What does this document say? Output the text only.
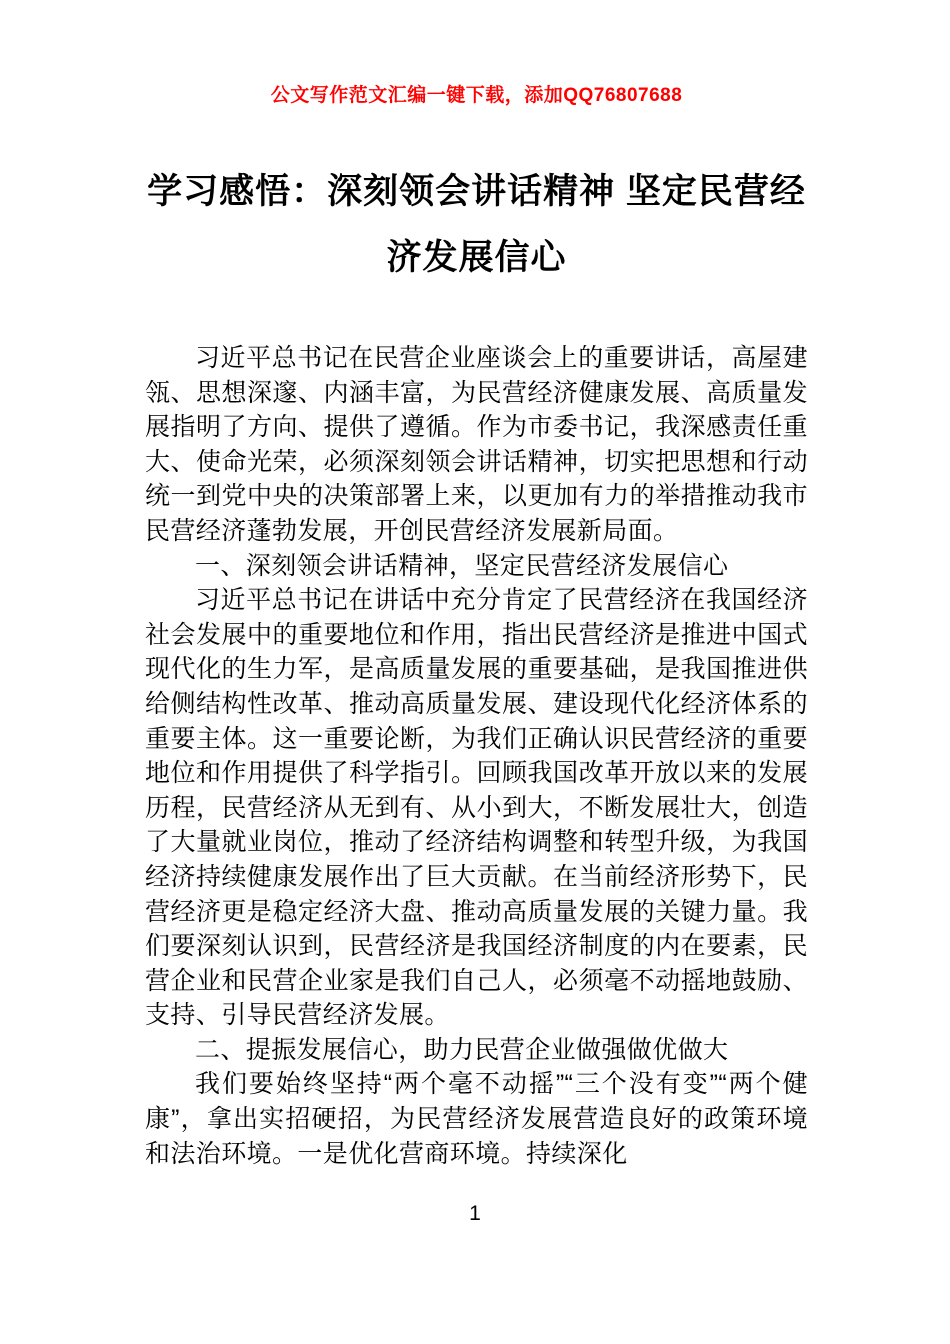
公文写作范文汇编一键下载，添加QQ76807688
学习感悟：深刻领会讲话精神 坚定民营经
济发展信心

习近平总书记在民营企业座谈会上的重要讲话，高屋建瓴、思想深邃、内涵丰富，为民营经济健康发展、高质量发展指明了方向、提供了遵循。作为市委书记，我深感责任重大、使命光荣，必须深刻领会讲话精神，切实把思想和行动统一到党中央的决策部署上来，以更加有力的举措推动我市民营经济蓬勃发展，开创民营经济发展新局面。

一、深刻领会讲话精神，坚定民营经济发展信心

习近平总书记在讲话中充分肯定了民营经济在我国经济社会发展中的重要地位和作用，指出民营经济是推进中国式现代化的生力军，是高质量发展的重要基础，是我国推进供给侧结构性改革、推动高质量发展、建设现代化经济体系的重要主体。这一重要论断，为我们正确认识民营经济的重要地位和作用提供了科学指引。回顾我国改革开放以来的发展历程，民营经济从无到有、从小到大，不断发展壮大，创造了大量就业岗位，推动了经济结构调整和转型升级，为我国经济持续健康发展作出了巨大贡献。在当前经济形势下，民营经济更是稳定经济大盘、推动高质量发展的关键力量。我们要深刻认识到，民营经济是我国经济制度的内在要素，民营企业和民营企业家是我们自己人，必须毫不动摇地鼓励、支持、引导民营经济发展。

二、提振发展信心，助力民营企业做强做优做大

我们要始终坚持“两个毫不动摇”“三个没有变”“两个健康”，拿出实招硬招，为民营经济发展营造良好的政策环境和法治环境。一是优化营商环境。持续深化

1
